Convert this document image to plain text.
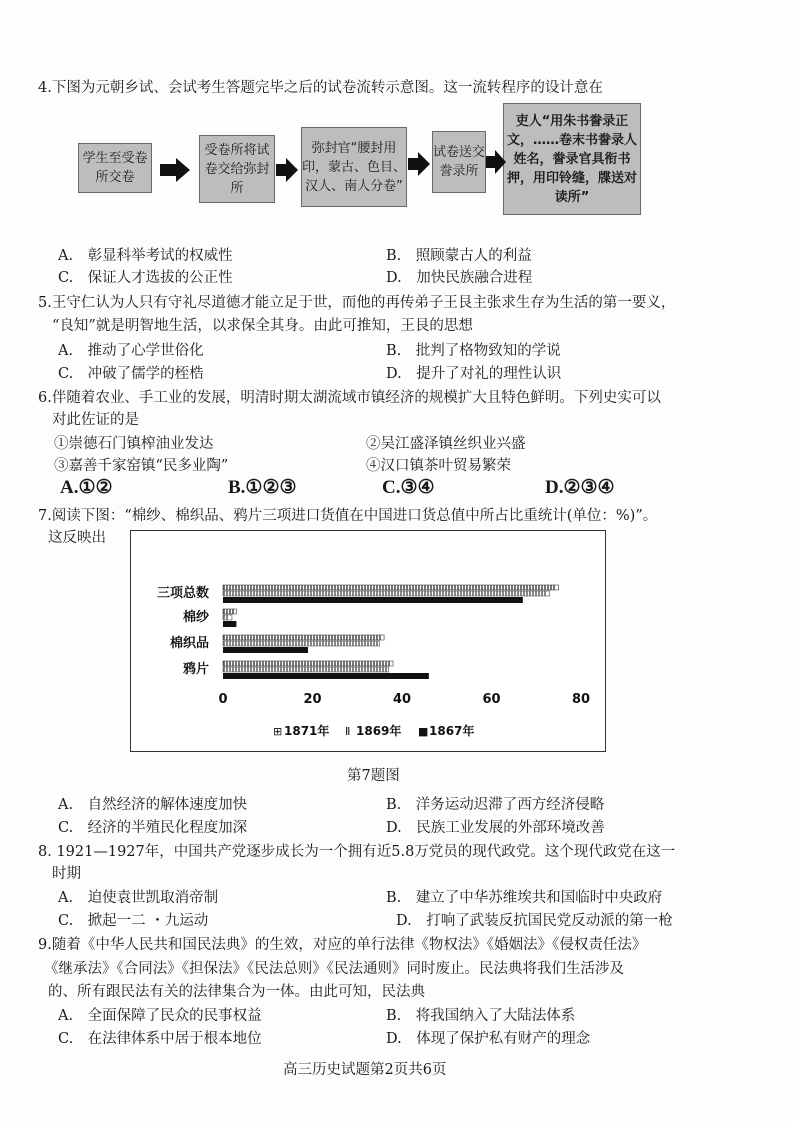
4.下图为元朝乡试、会试考生答题完毕之后的试卷流转示意图。这一流转程序的设计意在
学生至受卷所交卷
受卷所将试卷交给弥封所
弥封官“腰封用印，蒙古、色目、汉人、南人分卷”
试卷送交誊录所
吏人“用朱书誊录正文，……卷末书誊录人姓名，誊录官具衔书押，用印铃缝，牒送对读所”
A.　彰显科举考试的权威性	B.　照顾蒙古人的利益
C.　保证人才选拔的公正性	D.　加快民族融合进程
5.王守仁认为人只有守礼尽道德才能立足于世，而他的再传弟子王艮主张求生存为生活的第一要义，
“良知”就是明智地生活，以求保全其身。由此可推知，王艮的思想
A.　推动了心学世俗化	B.　批判了格物致知的学说
C.　冲破了儒学的桎梏	D.　提升了对礼的理性认识
6.伴随着农业、手工业的发展，明清时期太湖流域市镇经济的规模扩大且特色鲜明。下列史实可以
对此佐证的是
①崇德石门镇榨油业发达	②吴江盛泽镇丝织业兴盛
③嘉善千家窑镇“民多业陶”	④汉口镇茶叶贸易繁荣
A.①②	B.①②③	C.③④	D.②③④
7.阅读下图：“棉纱、棉织品、鸦片三项进口货值在中国进口货总值中所占比重统计(单位：%)”。
这反映出
三项总数
棉纱
棉织品
鸦片
0	20	40	60	80
⊞ 1871年 Ⅱ 1869年 ■ 1867年
第7题图
A.　自然经济的解体速度加快	B.　洋务运动迟滞了西方经济侵略
C.　经济的半殖民化程度加深	D.　民族工业发展的外部环境改善
8. 1921—1927年，中国共产党逐步成长为一个拥有近5.8万党员的现代政党。这个现代政党在这一
时期
A.　迫使袁世凯取消帝制	B.　建立了中华苏维埃共和国临时中央政府
C.　掀起一二 ・九运动	D.　打响了武装反抗国民党反动派的第一枪
9.随着《中华人民共和国民法典》的生效，对应的单行法律《物权法》《婚姻法》《侵权责任法》
《继承法》《合同法》《担保法》《民法总则》《民法通则》同时废止。民法典将我们生活涉及
的、所有跟民法有关的法律集合为一体。由此可知，民法典
A.　全面保障了民众的民事权益	B.　将我国纳入了大陆法体系
C.　在法律体系中居于根本地位	D.　体现了保护私有财产的理念
高三历史试题第2页共6页
